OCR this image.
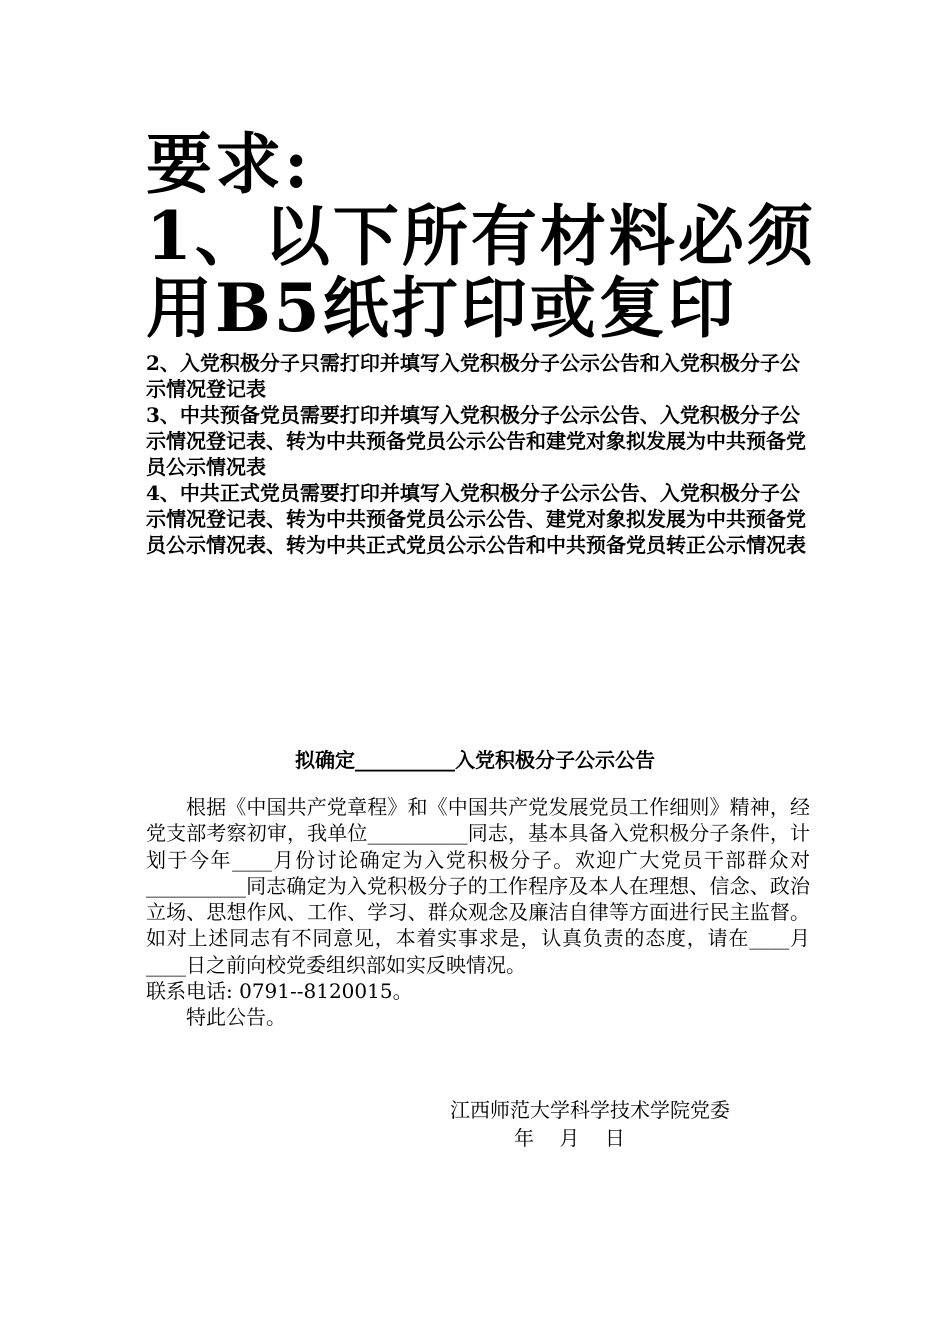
要求:
1、以下所有材料必须
用B5纸打印或复印
2、入党积极分子只需打印并填写入党积极分子公示公告和入党积极分子公示情况登记表
3、中共预备党员需要打印并填写入党积极分子公示公告、入党积极分子公示情况登记表、转为中共预备党员公示公告和建党对象拟发展为中共预备党员公示情况表
4、中共正式党员需要打印并填写入党积极分子公示公告、入党积极分子公示情况登记表、转为中共预备党员公示公告、建党对象拟发展为中共预备党员公示情况表、转为中共正式党员公示公告和中共预备党员转正公示情况表
拟确定__________入党积极分子公示公告

根据《中国共产党章程》和《中国共产党发展党员工作细则》精神，经党支部考察初审，我单位__________同志，基本具备入党积极分子条件，计划于今年____月份讨论确定为入党积极分子。欢迎广大党员干部群众对__________同志确定为入党积极分子的工作程序及本人在理想、信念、政治立场、思想作风、工作、学习、群众观念及廉洁自律等方面进行民主监督。如对上述同志有不同意见，本着实事求是，认真负责的态度，请在____月____日之前向校党委组织部如实反映情况。

联系电话: 0791--8120015。

特此公告。

江西师范大学科学技术学院党委
年    月    日
